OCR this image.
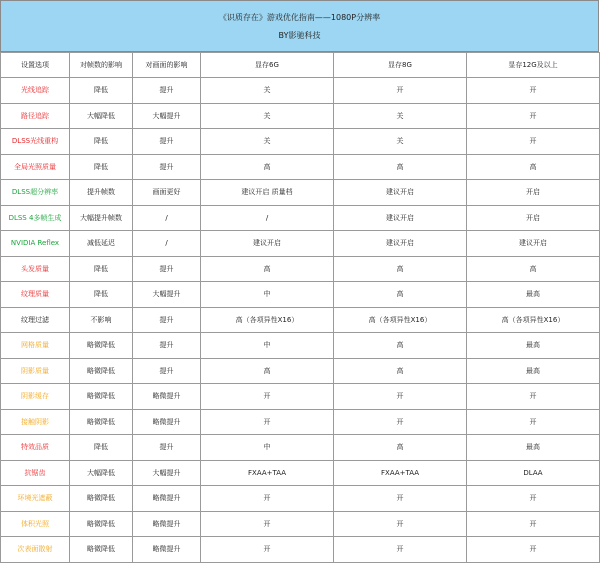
《识质存在》游戏优化指南——1080P分辨率
BY影驰科技
设置选项	对帧数的影响	对画面的影响	显存6G	显存8G	显存12G及以上
光线追踪	降低	提升	关	开	开
路径追踪	大幅降低	大幅提升	关	关	开
DLSS光线重构	降低	提升	关	关	开
全局光照质量	降低	提升	高	高	高
DLSS超分辨率	提升帧数	画面更好	建议开启 质量档	建议开启	开启
DLSS 4多帧生成	大幅提升帧数	/	/	建议开启	开启
NVIDIA Reflex	减低延迟	/	建议开启	建议开启	建议开启
头发质量	降低	提升	高	高	高
纹理质量	降低	大幅提升	中	高	最高
纹理过滤	不影响	提升	高（各项异性X16）	高（各项异性X16）	高（各项异性X16）
网格质量	略微降低	提升	中	高	最高
阴影质量	略微降低	提升	高	高	最高
阴影缓存	略微降低	略微提升	开	开	开
接触阴影	略微降低	略微提升	开	开	开
特效品质	降低	提升	中	高	最高
抗锯齿	大幅降低	大幅提升	FXAA+TAA	FXAA+TAA	DLAA
环境光遮蔽	略微降低	略微提升	开	开	开
体积光照	略微降低	略微提升	开	开	开
次表面散射	略微降低	略微提升	开	开	开
